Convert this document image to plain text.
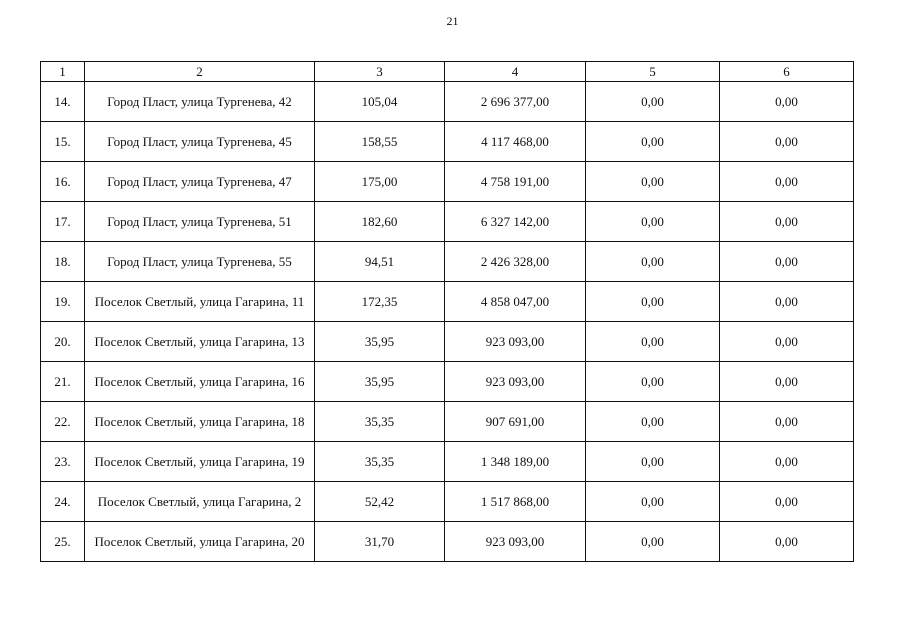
21
1	2	3	4	5	6
14.	Город Пласт, улица Тургенева, 42	105,04	2 696 377,00	0,00	0,00
15.	Город Пласт, улица Тургенева, 45	158,55	4 117 468,00	0,00	0,00
16.	Город Пласт, улица Тургенева, 47	175,00	4 758 191,00	0,00	0,00
17.	Город Пласт, улица Тургенева, 51	182,60	6 327 142,00	0,00	0,00
18.	Город Пласт, улица Тургенева, 55	94,51	2 426 328,00	0,00	0,00
19.	Поселок Светлый, улица Гагарина, 11	172,35	4 858 047,00	0,00	0,00
20.	Поселок Светлый, улица Гагарина, 13	35,95	923 093,00	0,00	0,00
21.	Поселок Светлый, улица Гагарина, 16	35,95	923 093,00	0,00	0,00
22.	Поселок Светлый, улица Гагарина, 18	35,35	907 691,00	0,00	0,00
23.	Поселок Светлый, улица Гагарина, 19	35,35	1 348 189,00	0,00	0,00
24.	Поселок Светлый, улица Гагарина, 2	52,42	1 517 868,00	0,00	0,00
25.	Поселок Светлый, улица Гагарина, 20	31,70	923 093,00	0,00	0,00
